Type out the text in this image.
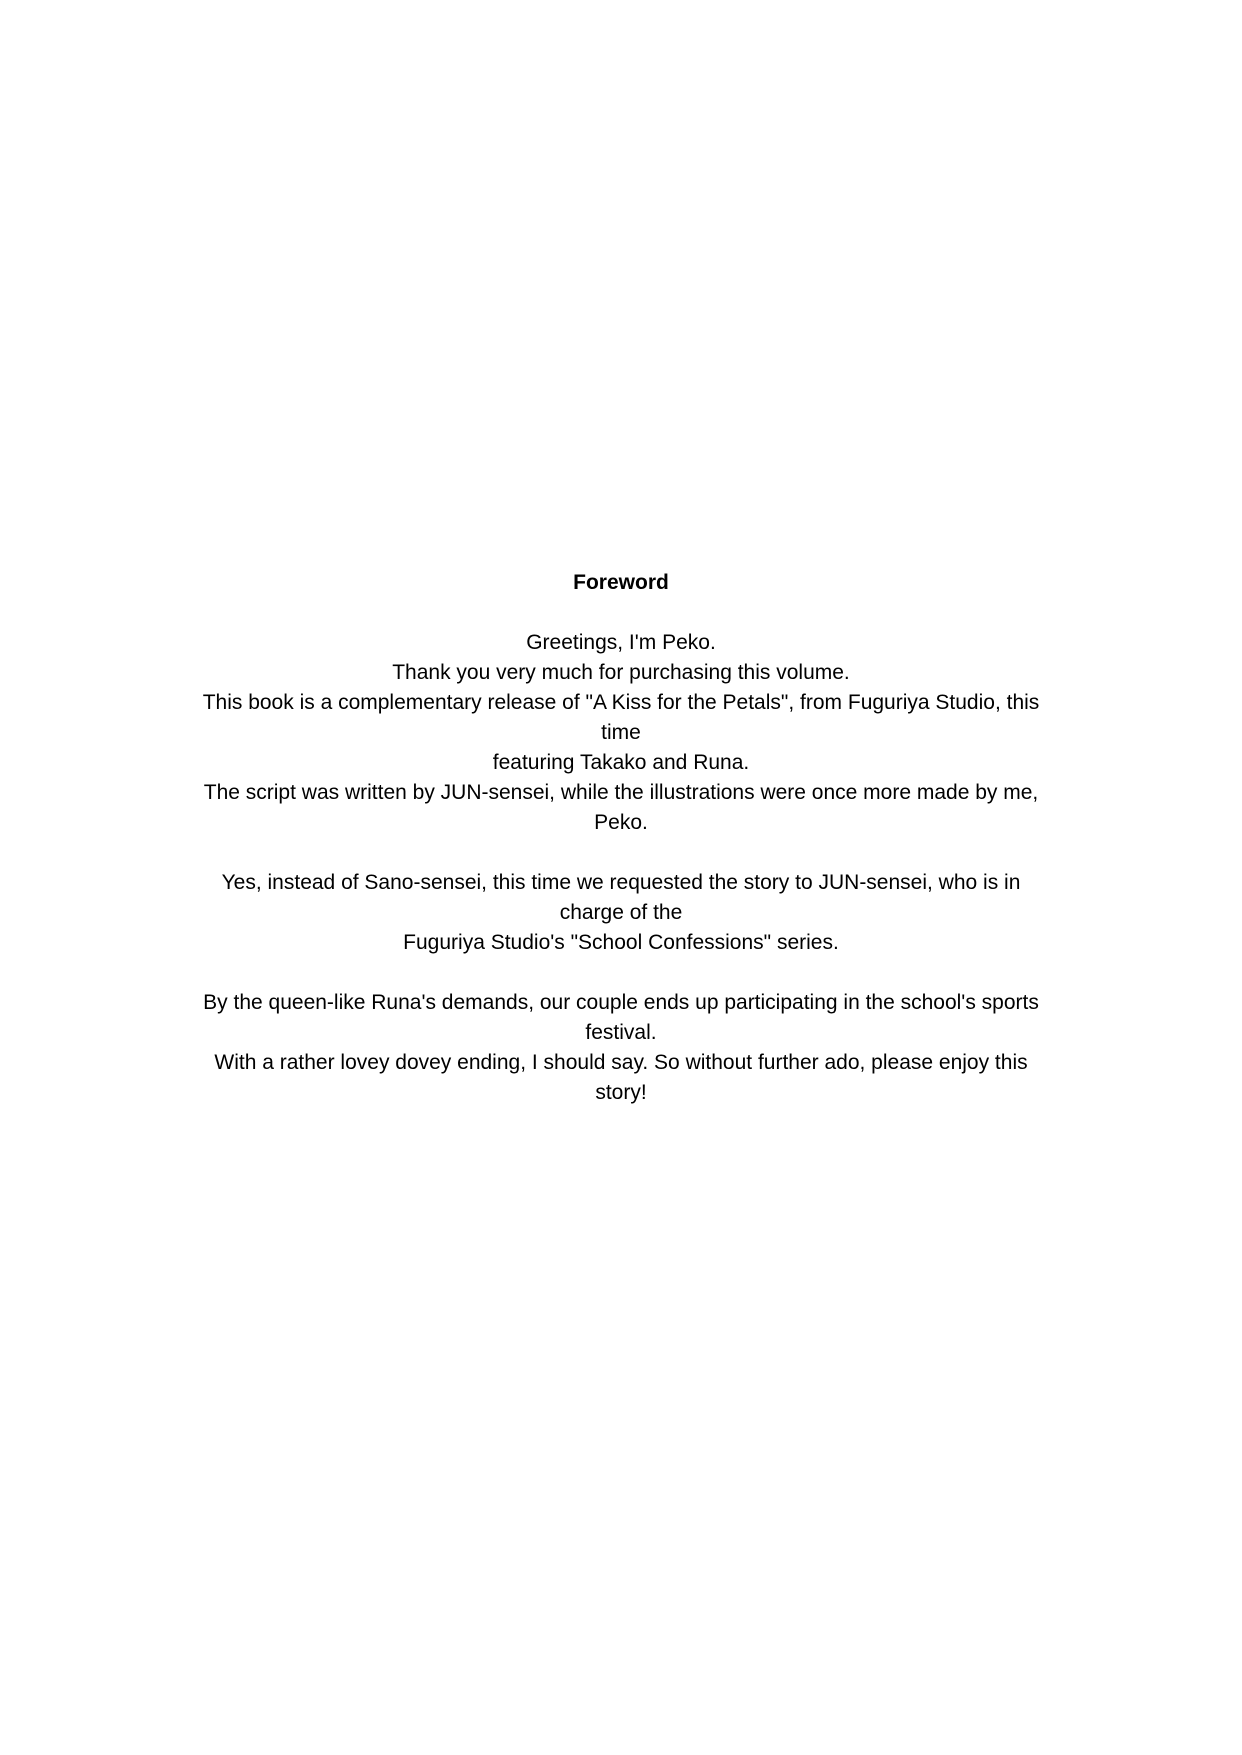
Foreword

Greetings, I'm Peko.
Thank you very much for purchasing this volume.
This book is a complementary release of "A Kiss for the Petals", from Fuguriya Studio, this
time
featuring Takako and Runa.
The script was written by JUN-sensei, while the illustrations were once more made by me,
Peko.

Yes, instead of Sano-sensei, this time we requested the story to JUN-sensei, who is in
charge of the
Fuguriya Studio's "School Confessions" series.

By the queen-like Runa's demands, our couple ends up participating in the school's sports
festival.
With a rather lovey dovey ending, I should say. So without further ado, please enjoy this
story!
